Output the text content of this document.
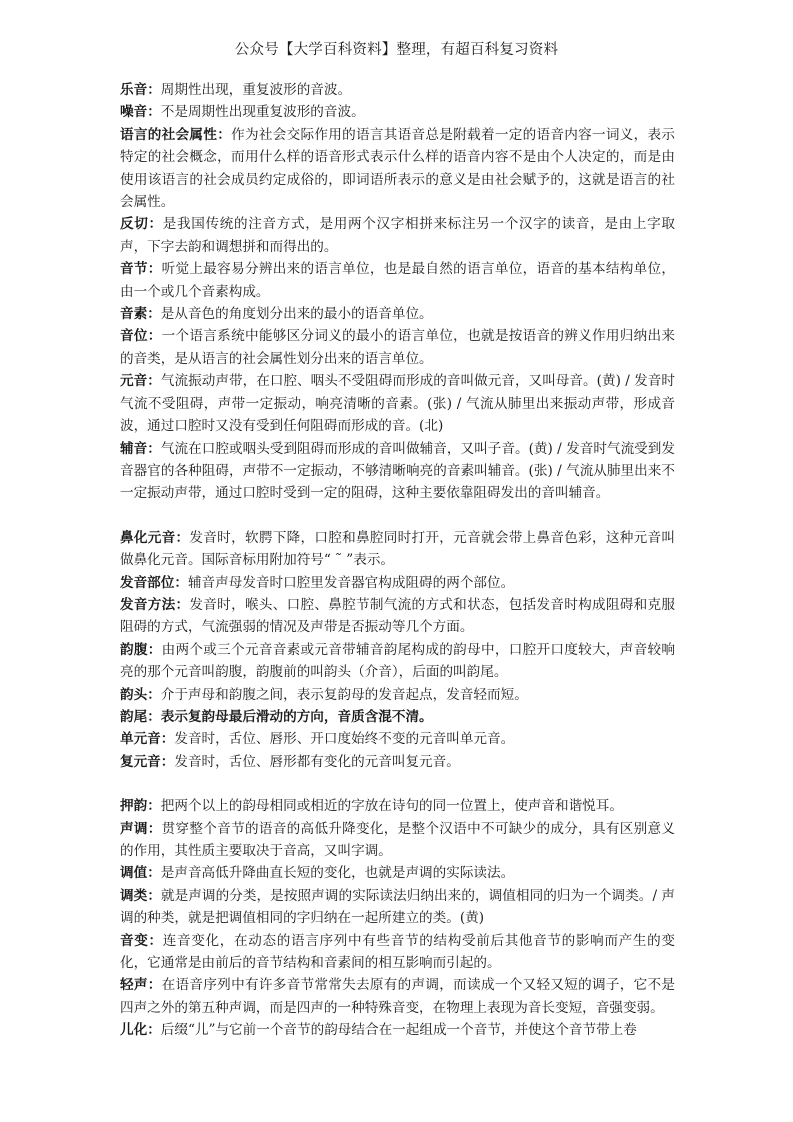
公众号【大学百科资料】整理，有超百科复习资料

乐音：周期性出现，重复波形的音波。

噪音：不是周期性出现重复波形的音波。

语言的社会属性：作为社会交际作用的语言其语音总是附载着一定的语音内容一词义，表示特定的社会概念，而用什么样的语音形式表示什么样的语音内容不是由个人决定的，而是由使用该语言的社会成员约定成俗的，即词语所表示的意义是由社会赋予的，这就是语言的社会属性。

反切：是我国传统的注音方式，是用两个汉字相拼来标注另一个汉字的读音，是由上字取声，下字去韵和调想拼和而得出的。

音节：听觉上最容易分辨出来的语言单位，也是最自然的语言单位，语音的基本结构单位，由一个或几个音素构成。

音素：是从音色的角度划分出来的最小的语音单位。

音位：一个语言系统中能够区分词义的最小的语言单位，也就是按语音的辨义作用归纳出来的音类，是从语言的社会属性划分出来的语言单位。

元音：气流振动声带，在口腔、咽头不受阻碍而形成的音叫做元音，又叫母音。(黄) / 发音时气流不受阻碍，声带一定振动，响亮清晰的音素。(张) / 气流从肺里出来振动声带，形成音波，通过口腔时又没有受到任何阻碍而形成的音。(北)

辅音：气流在口腔或咽头受到阻碍而形成的音叫做辅音，又叫子音。(黄) / 发音时气流受到发音器官的各种阻碍，声带不一定振动，不够清晰响亮的音素叫辅音。(张) / 气流从肺里出来不一定振动声带，通过口腔时受到一定的阻碍，这种主要依靠阻碍发出的音叫辅音。

鼻化元音：发音时，软腭下降，口腔和鼻腔同时打开，元音就会带上鼻音色彩，这种元音叫做鼻化元音。国际音标用附加符号“ ˜ ”表示。

发音部位：辅音声母发音时口腔里发音器官构成阻碍的两个部位。

发音方法：发音时，喉头、口腔、鼻腔节制气流的方式和状态，包括发音时构成阻碍和克服阻碍的方式，气流强弱的情况及声带是否振动等几个方面。

韵腹：由两个或三个元音音素或元音带辅音韵尾构成的韵母中，口腔开口度较大，声音较响亮的那个元音叫韵腹，韵腹前的叫韵头（介音），后面的叫韵尾。

韵头：介于声母和韵腹之间，表示复韵母的发音起点，发音轻而短。

韵尾：表示复韵母最后滑动的方向，音质含混不清。

单元音：发音时，舌位、唇形、开口度始终不变的元音叫单元音。

复元音：发音时，舌位、唇形都有变化的元音叫复元音。

押韵：把两个以上的韵母相同或相近的字放在诗句的同一位置上，使声音和谐悦耳。

声调：贯穿整个音节的语音的高低升降变化，是整个汉语中不可缺少的成分，具有区别意义的作用，其性质主要取决于音高，又叫字调。

调值：是声音高低升降曲直长短的变化，也就是声调的实际读法。

调类：就是声调的分类，是按照声调的实际读法归纳出来的，调值相同的归为一个调类。/ 声调的种类，就是把调值相同的字归纳在一起所建立的类。(黄)

音变：连音变化，在动态的语言序列中有些音节的结构受前后其他音节的影响而产生的变化，它通常是由前后的音节结构和音素间的相互影响而引起的。

轻声：在语音序列中有许多音节常常失去原有的声调，而读成一个又轻又短的调子，它不是四声之外的第五种声调，而是四声的一种特殊音变，在物理上表现为音长变短，音强变弱。

儿化：后缀“儿”与它前一个音节的韵母结合在一起组成一个音节，并使这个音节带上卷
